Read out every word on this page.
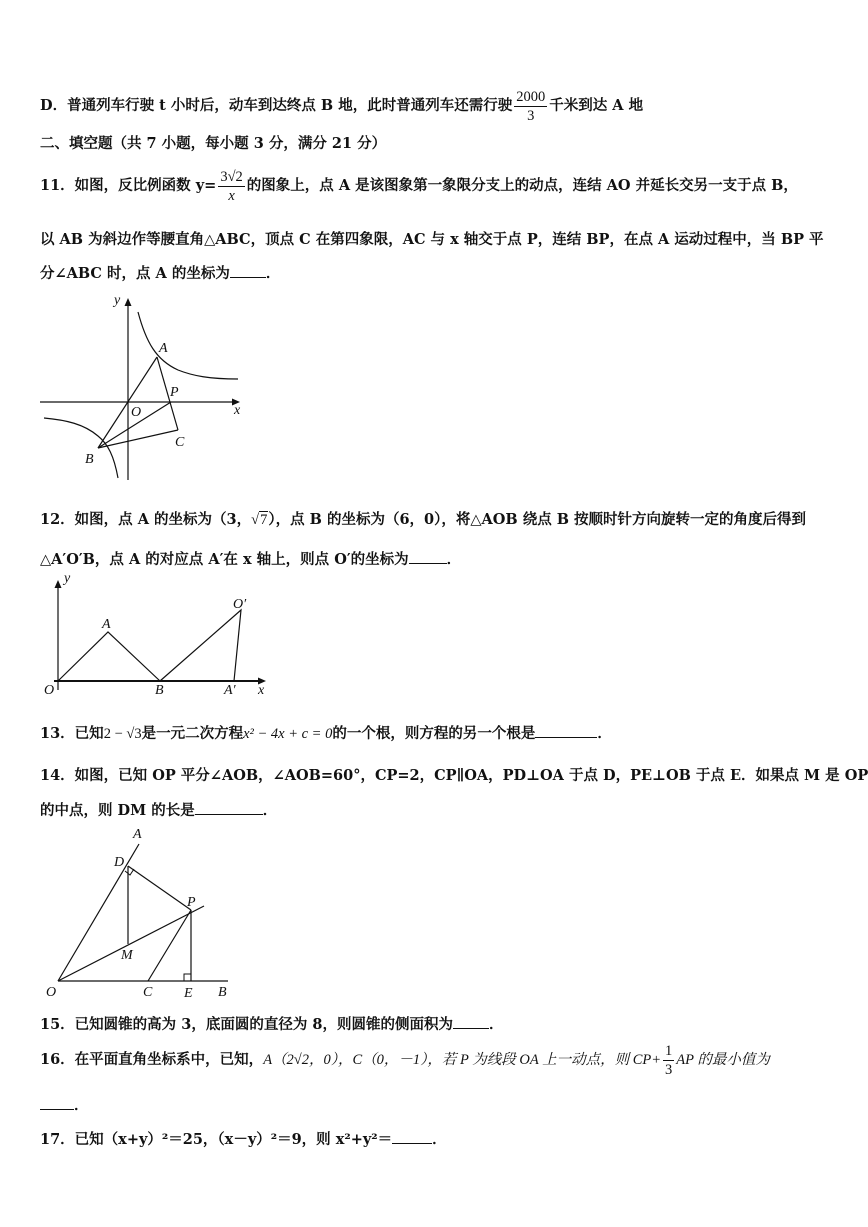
D．普通列车行驶 t 小时后，动车到达终点 B 地，此时普通列车还需行驶 $\frac{2000}{3}$ 千米到达 A 地
二、填空题（共 7 小题，每小题 3 分，满分 21 分）
11．如图，反比例函数 $y= \frac{3√2}{x}$ 的图象上，点 A 是该图象第一象限分支上的动点，连结 AO 并延长交另一支于点 B，
以 AB 为斜边作等腰直角△ABC，顶点 C 在第四象限，AC 与 x 轴交于点 P，连结 BP，在点 A 运动过程中，当 BP 平
分∠ABC 时，点 A 的坐标为 ．
y
x
A
O
P
C
B
12．如图，点 A 的坐标为（3，√7），点 B 的坐标为（6，0），将△AOB 绕点 B 按顺时针方向旋转一定的角度后得到
△A′O′B，点 A 的对应点 A′在 x 轴上，则点 O′的坐标为	．
y
x
A
O	B
O′
A′
13．已知2 − √3是一元二次方程x² − 4x + c = 0的一个根，则方程的另一个根是	．
14．如图，已知 OP 平分∠AOB，∠AOB=60°，CP=2，CP∥OA，PD⊥OA 于点 D，PE⊥OB 于点 E．如果点 M 是 OP
的中点，则 DM 的长是	．
A
D
P
M
O	C E B
15．已知圆锥的高为 3，底面圆的直径为 8，则圆锥的侧面积为 ．
16．在平面直角坐标系中，已知，A（2√2，0），C（0，－1），若 P 为线段 OA 上一动点，则 $CP+ \frac{1}{3}$ AP 的最小值为
．
17．已知（x+y）²＝25，（x－y）²＝9，则 x²+y²＝	．
